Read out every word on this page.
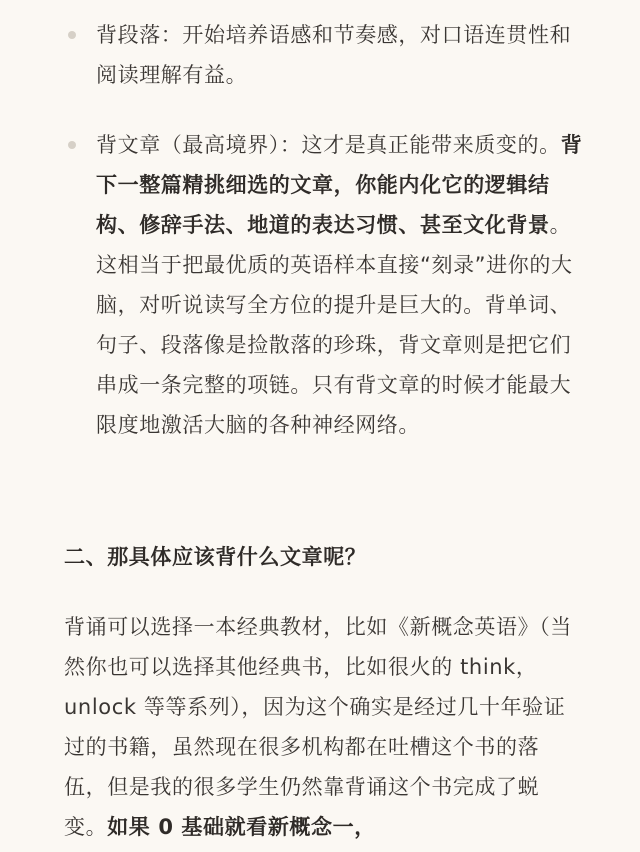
背段落：开始培养语感和节奏感，对口语连贯性和阅读理解有益。
背文章（最高境界）：这才是真正能带来质变的。背下一整篇精挑细选的文章，你能内化它的逻辑结构、修辞手法、地道的表达习惯、甚至文化背景。这相当于把最优质的英语样本直接“刻录”进你的大脑，对听说读写全方位的提升是巨大的。背单词、句子、段落像是捡散落的珍珠，背文章则是把它们串成一条完整的项链。只有背文章的时候才能最大限度地激活大脑的各种神经网络。
二、那具体应该背什么文章呢？

背诵可以选择一本经典教材，比如《新概念英语》（当然你也可以选择其他经典书，比如很火的 think， unlock 等等系列），因为这个确实是经过几十年验证过的书籍，虽然现在很多机构都在吐槽这个书的落伍，但是我的很多学生仍然靠背诵这个书完成了蜕变。如果 0 基础就看新概念一，
